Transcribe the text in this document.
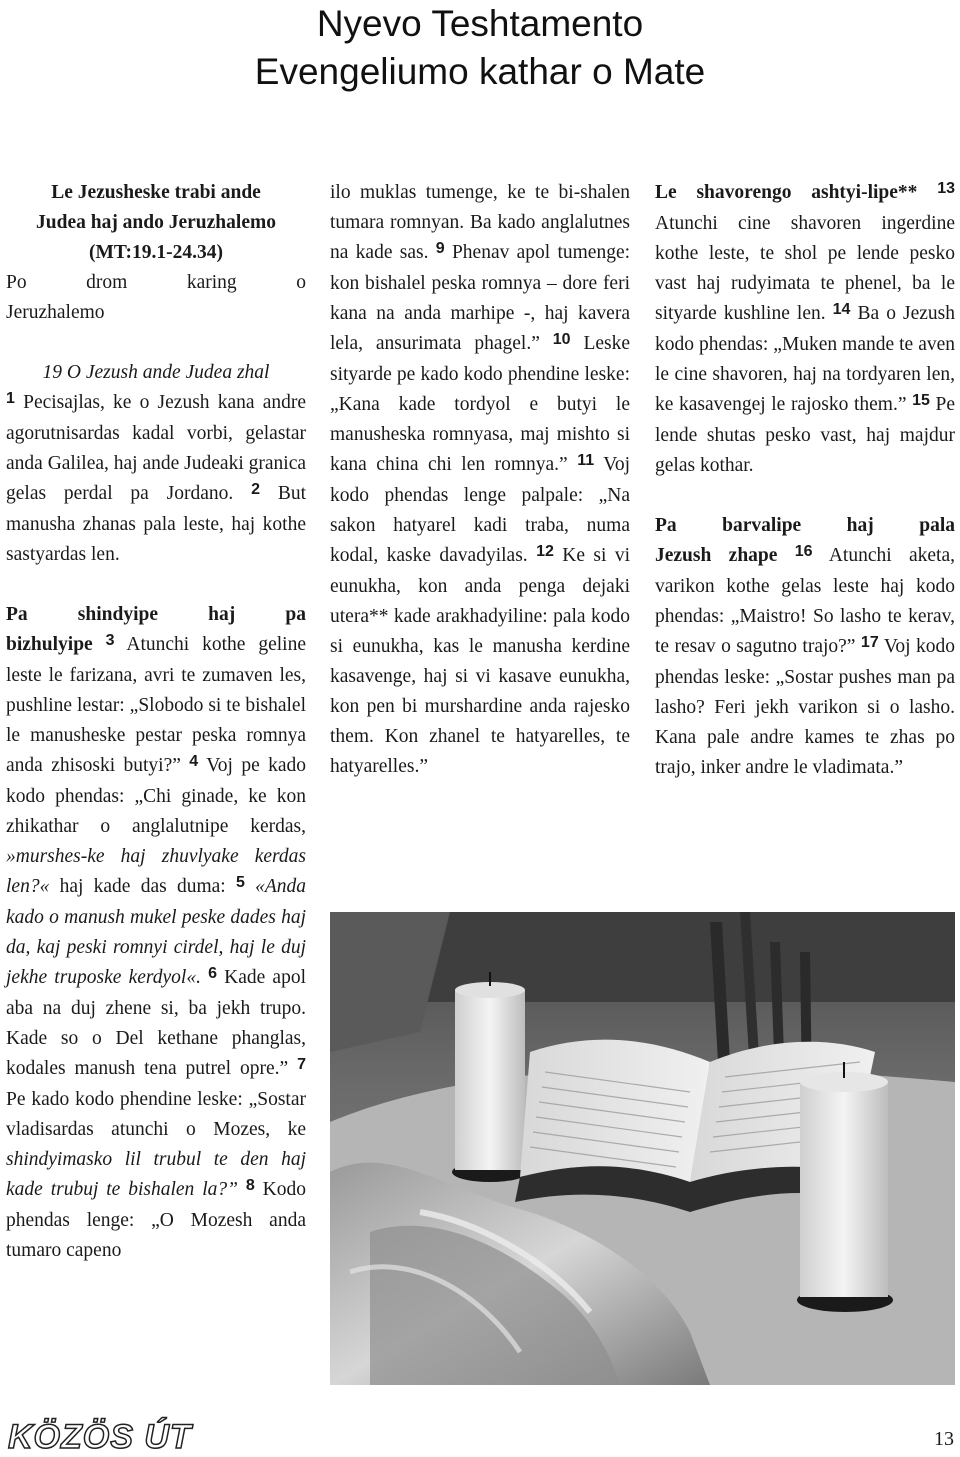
Nyevo Teshtamento
Evengeliumo kathar o Mate

Le Jezusheske trabi ande
Judea haj ando Jeruzhalemo
(MT:19.1-24.34)

Po drom karing o

Jeruzhalemo

19 O Jezush ande Judea zhal

$^1$ Pecisajlas, ke o Jezush kana andre agorutnisardas kadal vorbi, gelastar anda Galilea, haj ande Judeaki granica gelas perdal pa Jordano. $^2$ But manusha zhanas pala leste, haj kothe sastyardas len.

Pa shindyipe haj pa

bizhulyipe $^3$ Atunchi kothe geline leste le farizana, avri te zumaven les, pushline lestar: „Slobodo si te bishalel le manusheske pestar peska romnya anda zhisoski butyi?” $^4$ Voj pe kado kodo phendas: „Chi ginade, ke kon zhikathar o anglalutnipe kerdas, »murshes-ke haj zhuvlyake kerdas len?« haj kade das duma: $^5$ «Anda kado o manush mukel peske dades haj da, kaj peski romnyi cirdel, haj le duj jekhe truposke kerdyol«. $^6$ Kade apol aba na duj zhene si, ba jekh trupo. Kade so o Del kethane phanglas, kodales manush tena putrel opre.” $^7$ Pe kado kodo phendine leske: „Sostar vladisardas atunchi o Mozes, ke shindyimasko lil trubul te den haj kade trubuj te bishalen la?” $^8$ Kodo phendas lenge: „O Mozesh anda tumaro capeno

ilo muklas tumenge, ke te bi-shalen tumara romnyan. Ba kado anglalutnes na kade sas. $^9$ Phenav apol tumenge: kon bishalel peska romnya – dore feri kana na anda marhipe -, haj kavera lela, ansurimata phagel.” $^{10}$ Leske sityarde pe kado kodo phendine leske: „Kana kade tordyol e butyi le manusheska romnyasa, maj mishto si kana china chi len romnya.” $^{11}$ Voj kodo phendas lenge palpale: „Na sakon hatyarel kadi traba, numa kodal, kaske davadyilas. $^{12}$ Ke si vi eunukha, kon anda penga dejaki utera** kade arakhadyiline: pala kodo si eunukha, kas le manusha kerdine kasavenge, haj si vi kasave eunukha, kon pen bi murshardine anda rajesko them. Kon zhanel te hatyarelles, te hatyarelles.”

Le shavorengo ashtyi-lipe** $^{13}$ Atunchi cine shavoren ingerdine kothe leste, te shol pe lende pesko vast haj rudyimata te phenel, ba le sityarde kushline len. $^{14}$ Ba o Jezush kodo phendas: „Muken mande te aven le cine shavoren, haj na tordyaren len, ke kasavengej le rajosko them.” $^{15}$ Pe lende shutas pesko vast, haj majdur gelas kothar.

Pa barvalipe haj pala

Jezush zhape $^{16}$ Atunchi aketa, varikon kothe gelas leste haj kodo phendas: „Maistro! So lasho te kerav, te resav o sagutno trajo?” $^{17}$ Voj kodo phendas leske: „Sostar pushes man pa lasho? Feri jekh varikon si o lasho. Kana pale andre kames te zhas po trajo, inker andre le vladimata.”

KÖZÖS ÚT	13
